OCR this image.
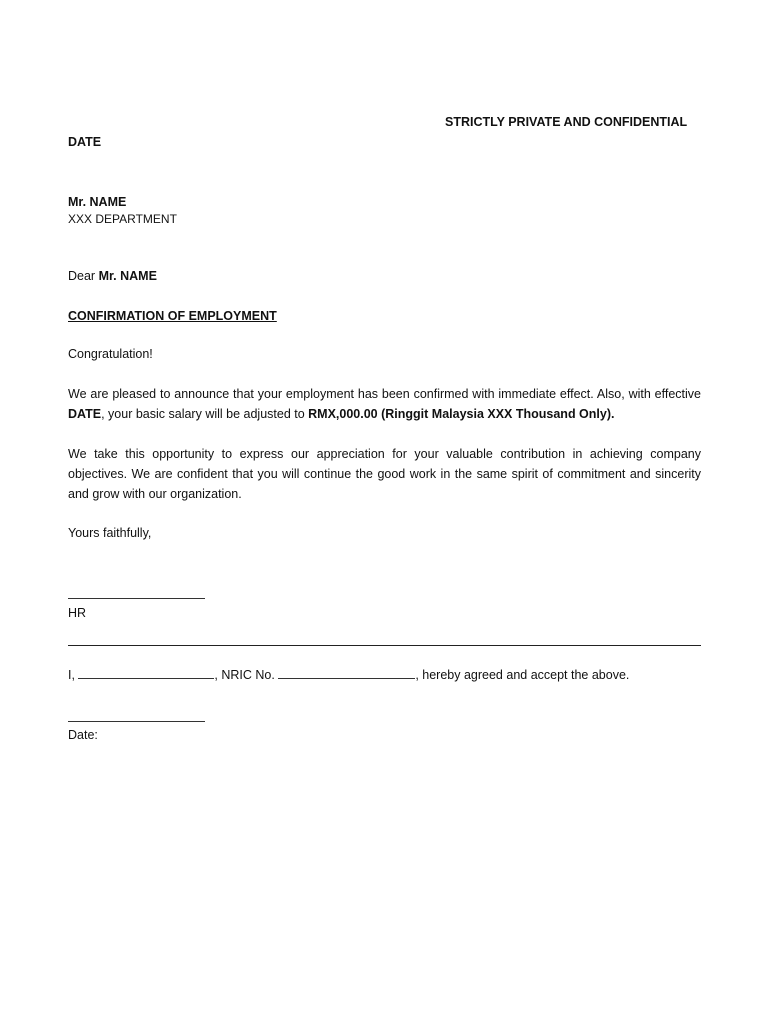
STRICTLY PRIVATE AND CONFIDENTIAL
DATE
Mr. NAME
XXX DEPARTMENT
Dear Mr. NAME
CONFIRMATION OF EMPLOYMENT
Congratulation!
We are pleased to announce that your employment has been confirmed with immediate effect. Also, with effective DATE, your basic salary will be adjusted to RMX,000.00 (Ringgit Malaysia XXX Thousand Only).
We take this opportunity to express our appreciation for your valuable contribution in achieving company objectives. We are confident that you will continue the good work in the same spirit of commitment and sincerity and grow with our organization.
Yours faithfully,
HR
I,	, NRIC No.	, hereby agreed and accept the above.
Date:
